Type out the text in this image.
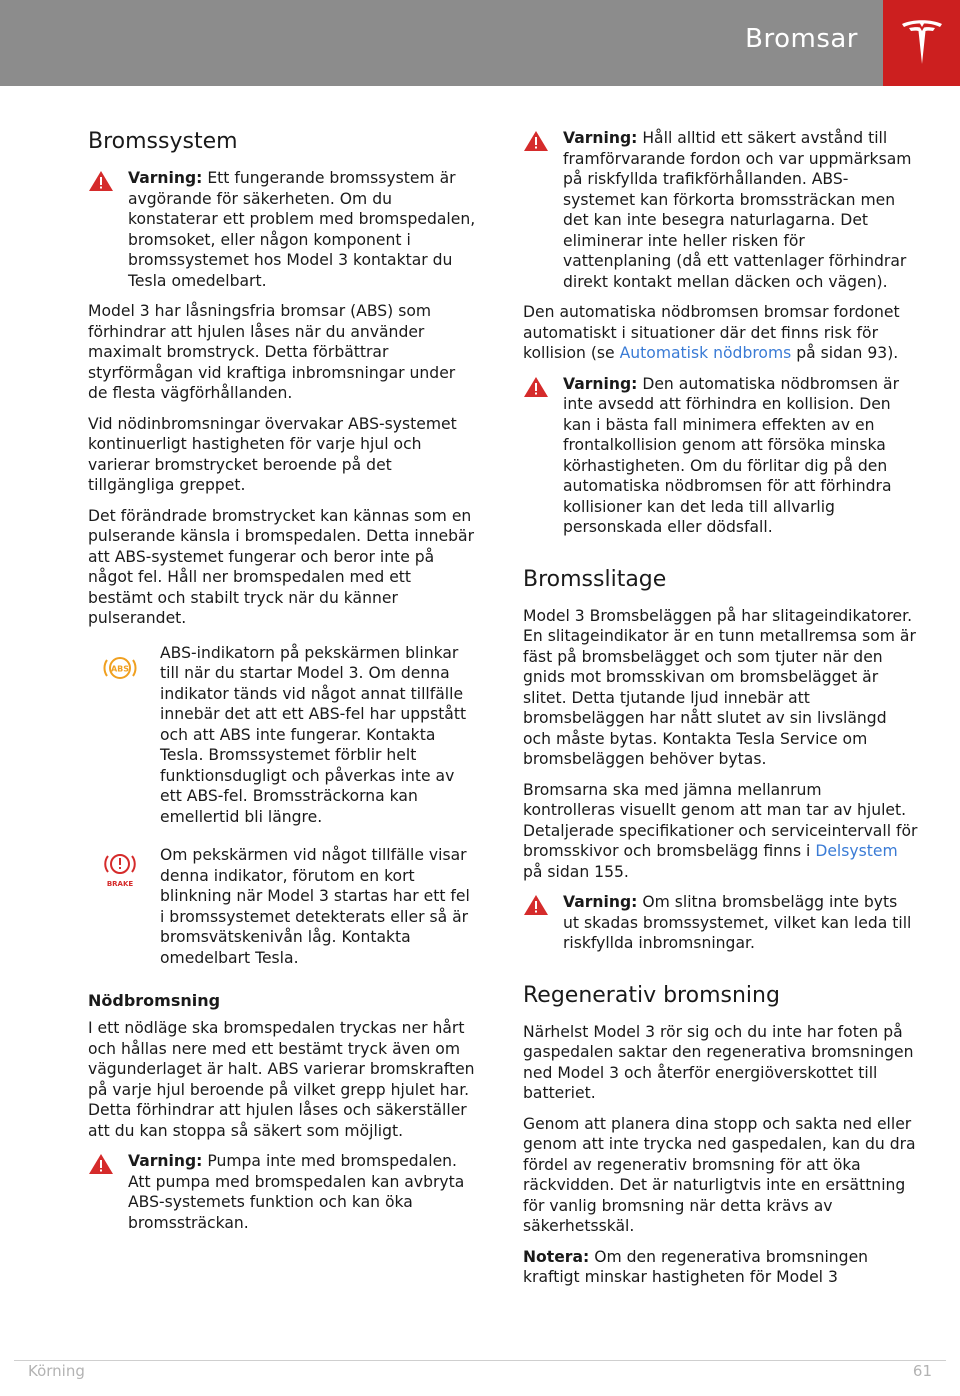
Bromsar
Bromssystem
Varning: Ett fungerande bromssystem är avgörande för säkerheten. Om du konstaterar ett problem med bromspedalen, bromsoket, eller någon komponent i bromssystemet hos Model 3 kontaktar du Tesla omedelbart.

Model 3 har låsningsfria bromsar (ABS) som förhindrar att hjulen låses när du använder maximalt bromstryck. Detta förbättrar styrförmågan vid kraftiga inbromsningar under de flesta vägförhållanden.

Vid nödinbromsningar övervakar ABS-systemet kontinuerligt hastigheten för varje hjul och varierar bromstrycket beroende på det tillgängliga greppet.

Det förändrade bromstrycket kan kännas som en pulserande känsla i bromspedalen. Detta innebär att ABS-systemet fungerar och beror inte på något fel. Håll ner bromspedalen med ett bestämt och stabilt tryck när du känner pulserandet.

ABS
ABS-indikatorn på pekskärmen blinkar till när du startar Model 3. Om denna indikator tänds vid något annat tillfälle innebär det att ett ABS-fel har uppstått och att ABS inte fungerar. Kontakta Tesla. Bromssystemet förblir helt funktionsdugligt och påverkas inte av ett ABS-fel. Bromssträckorna kan emellertid bli längre.
BRAKE
Om pekskärmen vid något tillfälle visar denna indikator, förutom en kort blinkning när Model 3 startas har ett fel i bromssystemet detekterats eller så är bromsvätskenivån låg. Kontakta omedelbart Tesla.
Nödbromsning

I ett nödläge ska bromspedalen tryckas ner hårt och hållas nere med ett bestämt tryck även om vägunderlaget är halt. ABS varierar bromskraften på varje hjul beroende på vilket grepp hjulet har. Detta förhindrar att hjulen låses och säkerställer att du kan stoppa så säkert som möjligt.

Varning: Pumpa inte med bromspedalen. Att pumpa med bromspedalen kan avbryta ABS-systemets funktion och kan öka bromssträckan.
Varning: Håll alltid ett säkert avstånd till framförvarande fordon och var uppmärksam på riskfyllda trafikförhållanden. ABS-systemet kan förkorta bromssträckan men det kan inte besegra naturlagarna. Det eliminerar inte heller risken för vattenplaning (då ett vattenlager förhindrar direkt kontakt mellan däcken och vägen).

Den automatiska nödbromsen bromsar fordonet automatiskt i situationer där det finns risk för kollision (se Automatisk nödbroms på sidan 93).

Varning: Den automatiska nödbromsen är inte avsedd att förhindra en kollision. Den kan i bästa fall minimera effekten av en frontalkollision genom att försöka minska körhastigheten. Om du förlitar dig på den automatiska nödbromsen för att förhindra kollisioner kan det leda till allvarlig personskada eller dödsfall.
Bromsslitage

Model 3 Bromsbeläggen på har slitageindikatorer. En slitageindikator är en tunn metallremsa som är fäst på bromsbelägget och som tjuter när den gnids mot bromsskivan om bromsbelägget är slitet. Detta tjutande ljud innebär att bromsbeläggen har nått slutet av sin livslängd och måste bytas. Kontakta Tesla Service om bromsbeläggen behöver bytas.

Bromsarna ska med jämna mellanrum kontrolleras visuellt genom att man tar av hjulet. Detaljerade specifikationer och serviceintervall för bromsskivor och bromsbelägg finns i Delsystem på sidan 155.

Varning: Om slitna bromsbelägg inte byts ut skadas bromssystemet, vilket kan leda till riskfyllda inbromsningar.
Regenerativ bromsning

Närhelst Model 3 rör sig och du inte har foten på gaspedalen saktar den regenerativa bromsningen ned Model 3 och återför energiöverskottet till batteriet.

Genom att planera dina stopp och sakta ned eller genom att inte trycka ned gaspedalen, kan du dra fördel av regenerativ bromsning för att öka räckvidden. Det är naturligtvis inte en ersättning för vanlig bromsning när detta krävs av säkerhetsskäl.

Notera: Om den regenerativa bromsningen kraftigt minskar hastigheten för Model 3

Körning	61
